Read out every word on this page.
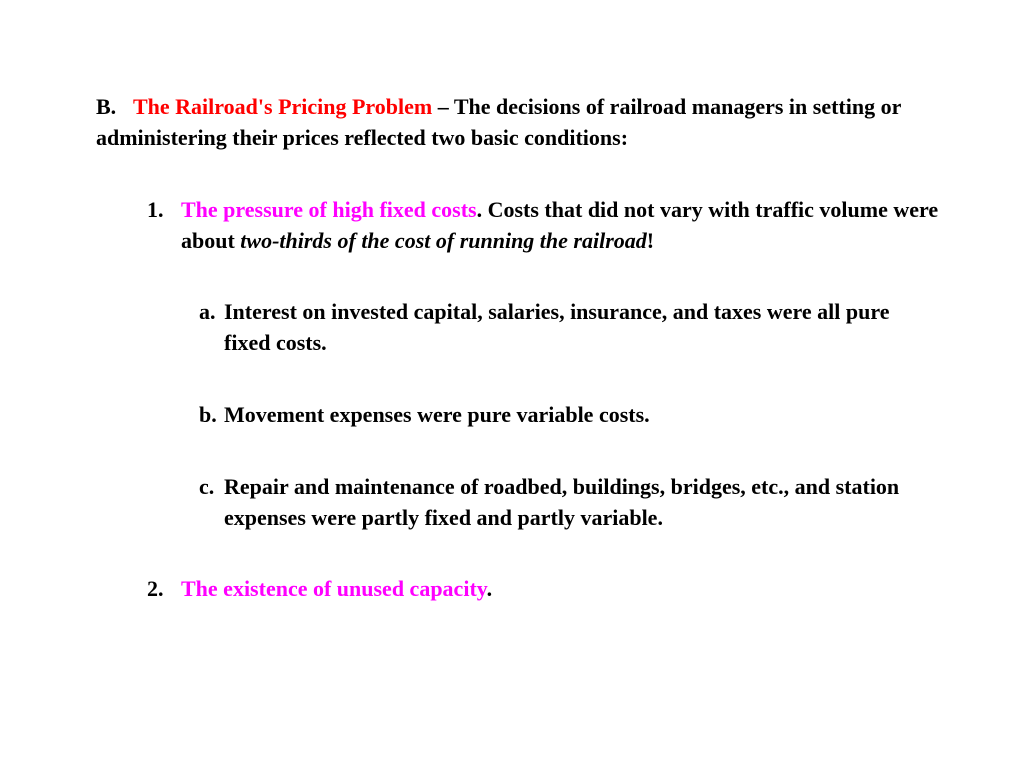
B. The Railroad's Pricing Problem – The decisions of railroad managers in setting or administering their prices reflected two basic conditions:
1. The pressure of high fixed costs. Costs that did not vary with traffic volume were about two-thirds of the cost of running the railroad!
a. Interest on invested capital, salaries, insurance, and taxes were all pure fixed costs.
b. Movement expenses were pure variable costs.
c. Repair and maintenance of roadbed, buildings, bridges, etc., and station expenses were partly fixed and partly variable.
2. The existence of unused capacity.
